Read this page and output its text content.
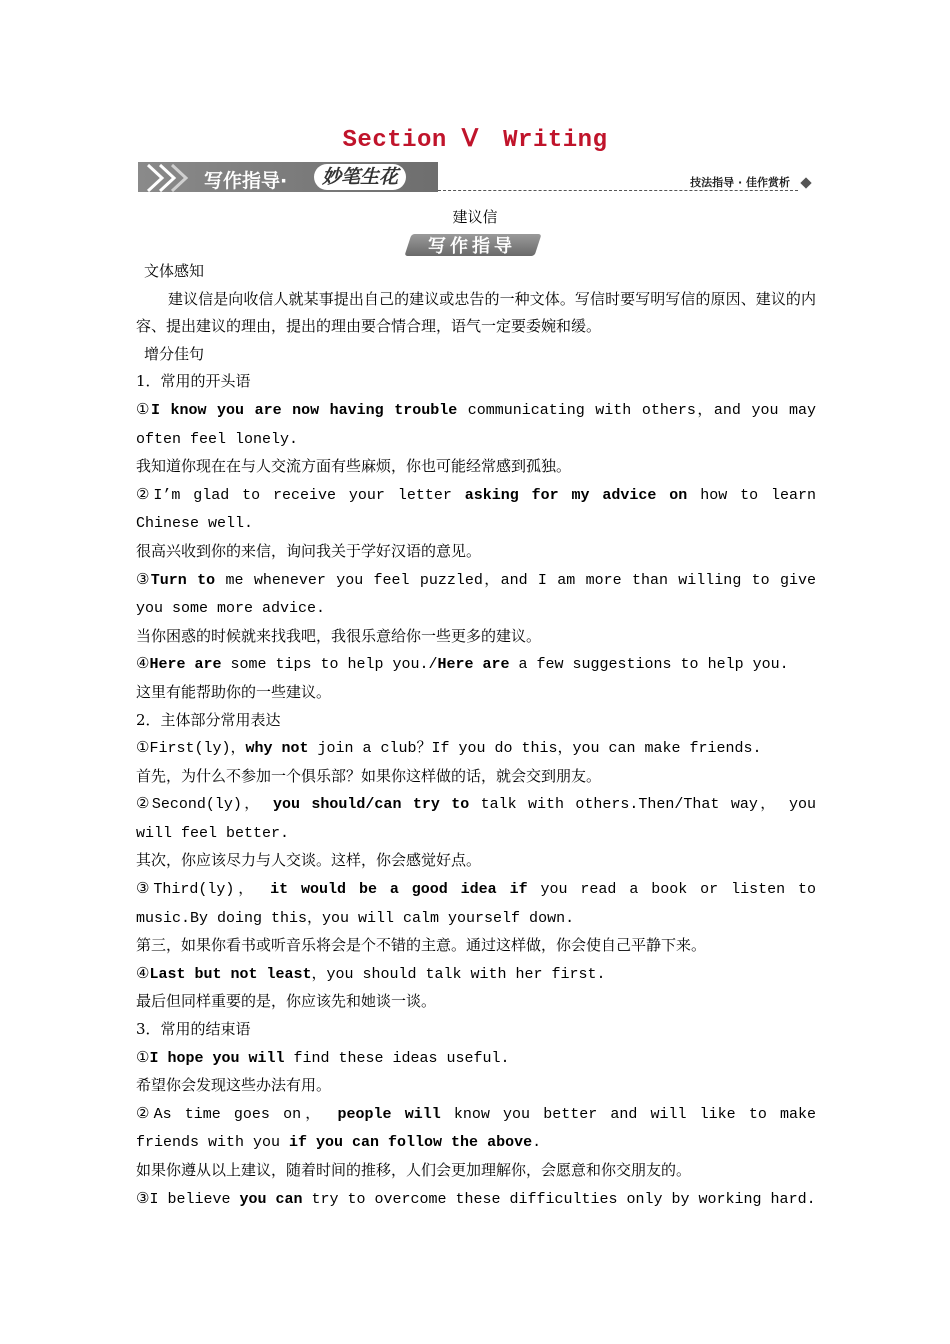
Section Ⅴ　Writing
写作指导·	妙笔生花	技法指导 · 佳作赏析
建议信
写作指导

文体感知

建议信是向收信人就某事提出自己的建议或忠告的一种文体。写信时要写明写信的原因、建议的内容、提出建议的理由，提出的理由要合情合理，语气一定要委婉和缓。

增分佳句

1．常用的开头语

①I know you are now having trouble communicating with others，and you may often feel lonely.

我知道你现在在与人交流方面有些麻烦，你也可能经常感到孤独。

②I’m glad to receive your letter asking for my advice on how to learn Chinese well.

很高兴收到你的来信，询问我关于学好汉语的意见。

③Turn to me whenever you feel puzzled，and I am more than willing to give you some more advice.

当你困惑的时候就来找我吧，我很乐意给你一些更多的建议。

④Here are some tips to help you./Here are a few suggestions to help you.

这里有能帮助你的一些建议。

2．主体部分常用表达

①First(ly)，why not join a club？If you do this，you can make friends.

首先，为什么不参加一个俱乐部？如果你这样做的话，就会交到朋友。

②Second(ly)， you should/can try to talk with others.Then/That way， you will feel better.

其次，你应该尽力与人交谈。这样，你会感觉好点。

③Third(ly)， it would be a good idea if you read a book or listen to music.By doing this，you will calm yourself down.

第三，如果你看书或听音乐将会是个不错的主意。通过这样做，你会使自己平静下来。

④Last but not least，you should talk with her first.

最后但同样重要的是，你应该先和她谈一谈。

3．常用的结束语

①I hope you will find these ideas useful.

希望你会发现这些办法有用。

②As time goes on， people will know you better and will like to make friends with you if you can follow the above.

如果你遵从以上建议，随着时间的推移，人们会更加理解你，会愿意和你交朋友的。

③I believe you can try to overcome these difficulties only by working hard.
